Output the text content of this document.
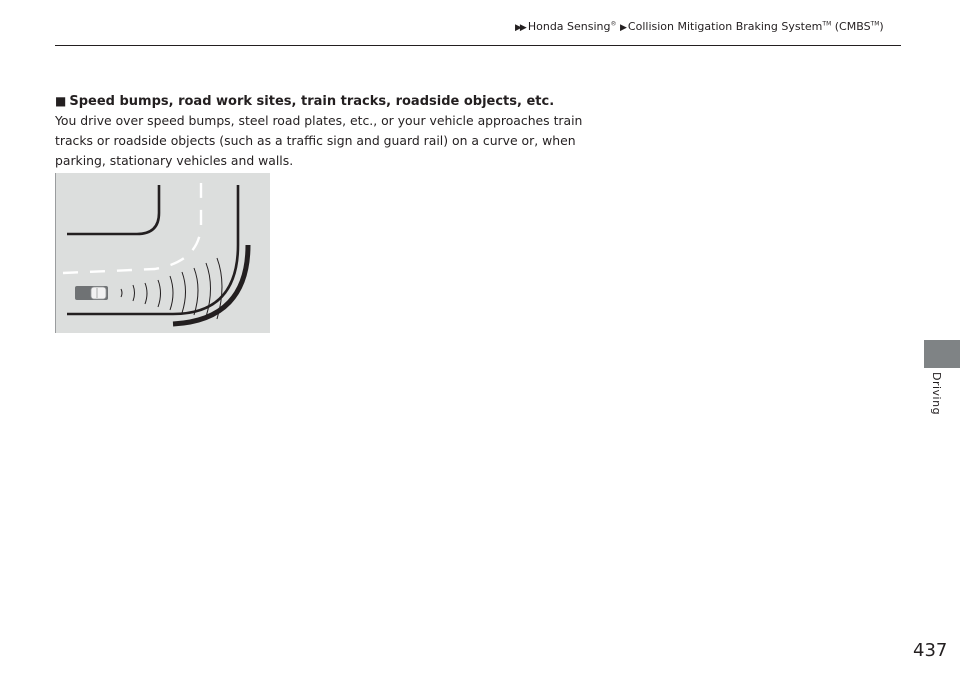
▶▶ Honda Sensing® ▶ Collision Mitigation Braking System™ (CMBS™)
■ Speed bumps, road work sites, train tracks, roadside objects, etc.

You drive over speed bumps, steel road plates, etc., or your vehicle approaches train

tracks or roadside objects (such as a traffic sign and guard rail) on a curve or, when

parking, stationary vehicles and walls.

Driving
437
